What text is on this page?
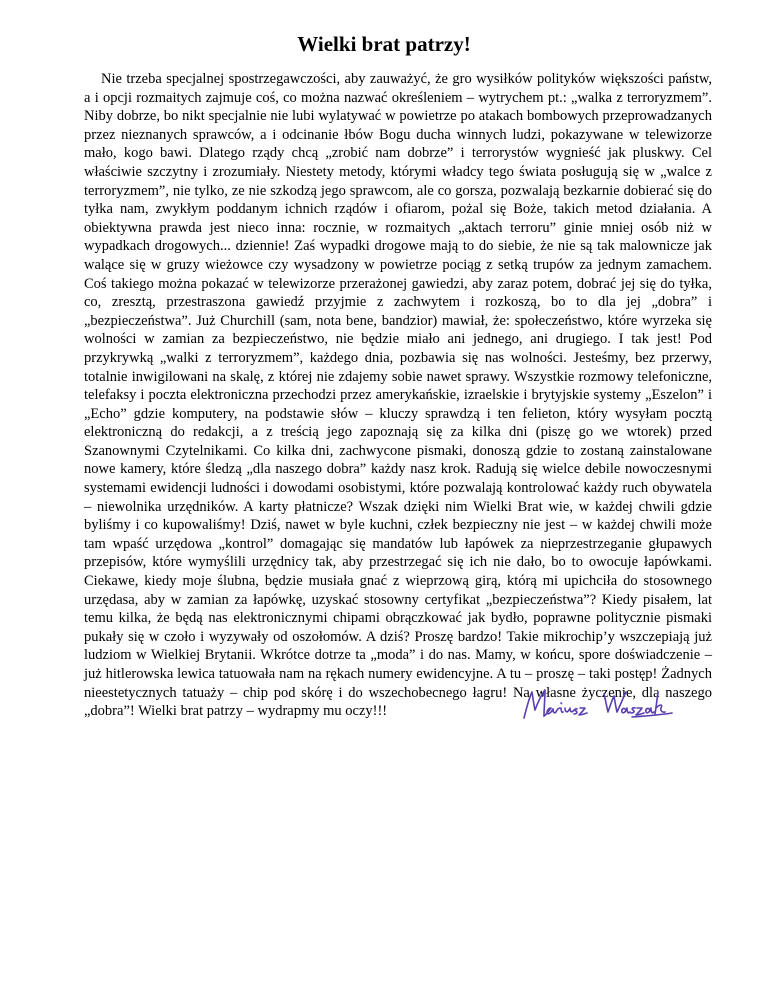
Wielki brat patrzy!

Nie trzeba specjalnej spostrzegawczości, aby zauważyć, że gro wysiłków polityków większości państw, a i opcji rozmaitych zajmuje coś, co można nazwać określeniem – wytrychem pt.: „walka z terroryzmem”. Niby dobrze, bo nikt specjalnie nie lubi wylatywać w powietrze po atakach bombowych przeprowadzanych przez nieznanych sprawców, a i odcinanie łbów Bogu ducha winnych ludzi, pokazywane w telewizorze mało, kogo bawi. Dlatego rządy chcą „zrobić nam dobrze” i terrorystów wygnieść jak pluskwy. Cel właściwie szczytny i zrozumiały. Niestety metody, którymi władcy tego świata posługują się w „walce z terroryzmem”, nie tylko, ze nie szkodzą jego sprawcom, ale co gorsza, pozwalają bezkarnie dobierać się do tyłka nam, zwykłym poddanym ichnich rządów i ofiarom, pożal się Boże, takich metod działania. A obiektywna prawda jest nieco inna: rocznie, w rozmaitych „aktach terroru” ginie mniej osób niż w wypadkach drogowych... dziennie! Zaś wypadki drogowe mają to do siebie, że nie są tak malownicze jak walące się w gruzy wieżowce czy wysadzony w powietrze pociąg z setką trupów za jednym zamachem. Coś takiego można pokazać w telewizorze przerażonej gawiedzi, aby zaraz potem, dobrać jej się do tyłka, co, zresztą, przestraszona gawiedź przyjmie z zachwytem i rozkoszą, bo to dla jej „dobra” i „bezpieczeństwa”. Już Churchill (sam, nota bene, bandzior) mawiał, że: społeczeństwo, które wyrzeka się wolności w zamian za bezpieczeństwo, nie będzie miało ani jednego, ani drugiego. I tak jest! Pod przykrywką „walki z terroryzmem”, każdego dnia, pozbawia się nas wolności. Jesteśmy, bez przerwy, totalnie inwigilowani na skalę, z której nie zdajemy sobie nawet sprawy. Wszystkie rozmowy telefoniczne, telefaksy i poczta elektroniczna przechodzi przez amerykańskie, izraelskie i brytyjskie systemy „Eszelon” i „Echo” gdzie komputery, na podstawie słów – kluczy sprawdzą i ten felieton, który wysyłam pocztą elektroniczną do redakcji, a z treścią jego zapoznają się za kilka dni (piszę go we wtorek) przed Szanownymi Czytelnikami. Co kilka dni, zachwycone pismaki, donoszą gdzie to zostaną zainstalowane nowe kamery, które śledzą „dla naszego dobra” każdy nasz krok. Radują się wielce debile nowoczesnymi systemami ewidencji ludności i dowodami osobistymi, które pozwalają kontrolować każdy ruch obywatela – niewolnika urzędników. A karty płatnicze? Wszak dzięki nim Wielki Brat wie, w każdej chwili gdzie byliśmy i co kupowaliśmy! Dziś, nawet w byle kuchni, człek bezpieczny nie jest – w każdej chwili może tam wpaść urzędowa „kontrol” domagając się mandatów lub łapówek za nieprzestrzeganie głupawych przepisów, które wymyślili urzędnicy tak, aby przestrzegać się ich nie dało, bo to owocuje łapówkami. Ciekawe, kiedy moje ślubna, będzie musiała gnać z wieprzową girą, którą mi upichciła do stosownego urzędasa, aby w zamian za łapówkę, uzyskać stosowny certyfikat „bezpieczeństwa”? Kiedy pisałem, lat temu kilka, że będą nas elektronicznymi chipami obrączkować jak bydło, poprawne politycznie pismaki pukały się w czoło i wyzywały od oszołomów. A dziś? Proszę bardzo! Takie mikrochip’y wszczepiają już ludziom w Wielkiej Brytanii. Wkrótce dotrze ta „moda” i do nas. Mamy, w końcu, spore doświadczenie – już hitlerowska lewica tatuowała nam na rękach numery ewidencyjne. A tu – proszę – taki postęp! Żadnych nieestetycznych tatuaży – chip pod skórę i do wszechobecnego łagru! Na własne życzenie, dla naszego „dobra”! Wielki brat patrzy – wydrapmy mu oczy!!!
